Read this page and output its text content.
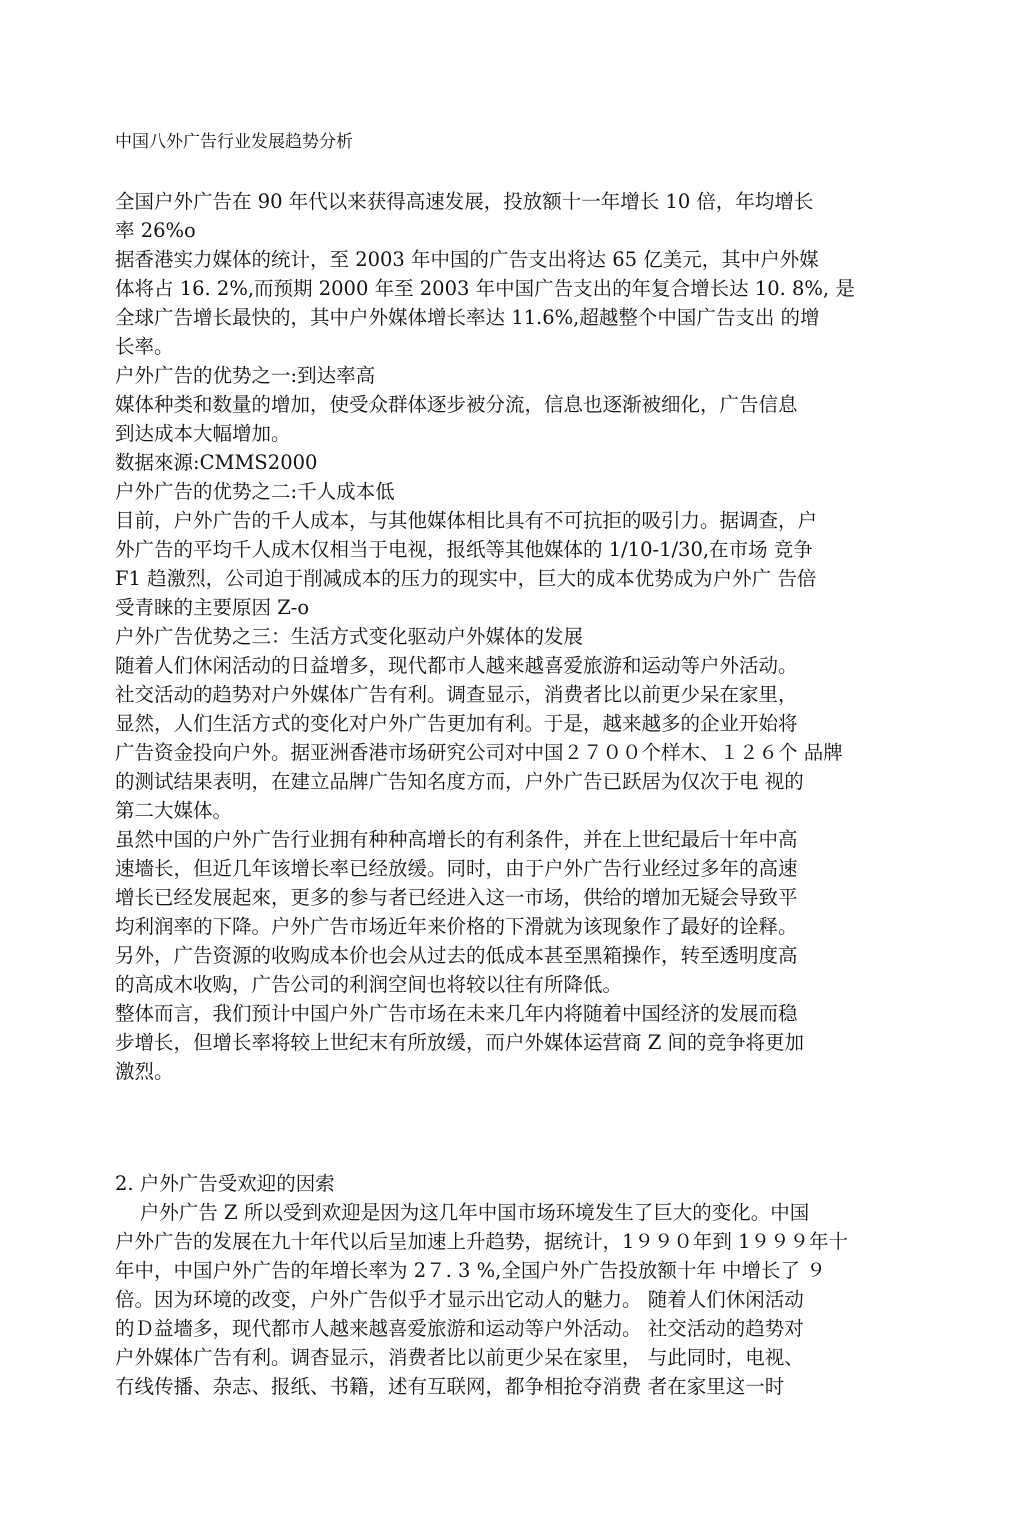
中国八外广告行业发展趋势分析
全国户外广告在 90 年代以来获得高速发展，投放额十一年增长 10 倍，年均增长
率 26%o
据香港实力媒体的统计，至 2003 年中国的广告支出将达 65 亿美元，其中户外媒
体将占 16. 2%,而预期 2000 年至 2003 年中国广告支出的年复合增长达 10. 8%, 是
全球广告增长最快的，其中户外媒体增长率达 11.6%,超越整个中国广告支出 的增
长率。
户外广告的优势之一:到达率高
媒体种类和数量的增加，使受众群体逐步被分流，信息也逐渐被细化，广告信息
到达成本大幅增加。
数据來源:CMMS2000
户外广告的优势之二:千人成本低
目前，户外广告的千人成本，与其他媒体相比具有不可抗拒的吸引力。据调查，户
外广告的平均千人成木仅相当于电视，报纸等其他媒体的 1/10-1/30,在市场 竞争
F1 趋激烈，公司迫于削减成本的压力的现实中，巨大的成本优势成为户外广 告倍
受青睐的主要原因 Z-o
户外广告优势之三：生活方式变化驱动户外媒体的发展
随着人们休闲活动的日益增多，现代都市人越来越喜爱旅游和运动等户外活动。
社交活动的趋势对户外媒体广告有利。调查显示，消费者比以前更少呆在家里，
显然，人们生活方式的变化对户外广告更加有利。于是，越来越多的企业开始将
广告资金投向户外。据亚洲香港市场研究公司对中国２７００个样木、１２６个 品牌
的测试结果表明，在建立品牌广告知名度方而，户外广告已跃居为仅次于电 视的
第二大媒体。
虽然中国的户外广告行业拥有种种高增长的有利条件，并在上世纪最后十年中高
速墻长，但近几年该增长率已经放缓。同时，由于户外广告行业经过多年的高速
增长已经发展起來，更多的参与者已经进入这一市场，供给的增加无疑会导致平
均利润率的下降。户外广告市场近年来价格的下滑就为该现象作了最好的诠释。
另外，广告资源的收购成本价也会从过去的低成本甚至黑箱操作，转至透明度高
的高成木收购，广告公司的利润空间也将较以往有所降低。
整体而言，我们预计中国户外广告市场在未来几年内将随着中国经济的发展而稳
步增长，但增长率将较上世纪末有所放缓，而户外媒体运营商 Z 间的竞争将更加
激烈。
2. 户外广告受欢迎的因索
户外广告 Z 所以受到欢迎是因为这几年中国市场环境发生了巨大的变化。中国
户外广告的发展在九十年代以后呈加速上升趋势，据统计，1９９０年到 1９９９年十
年中，中国户外广告的年増长率为 2７. 3 %,全国户外广告投放额十年 中增长了 ９
倍。因为环境的改变，户外广告似乎才显示出它动人的魅力。 随着人们休闲活动
的Ｄ益墻多，现代都市人越来越喜爱旅游和运动等户外活动。 社交活动的趋势对
户外媒体广告有利。调杳显示，消费者比以前更少呆在家里， 与此同时，电视、
冇线传播、杂志、报纸、书籍，述有互联网，都争相抢夺消费 者在家里这一时
